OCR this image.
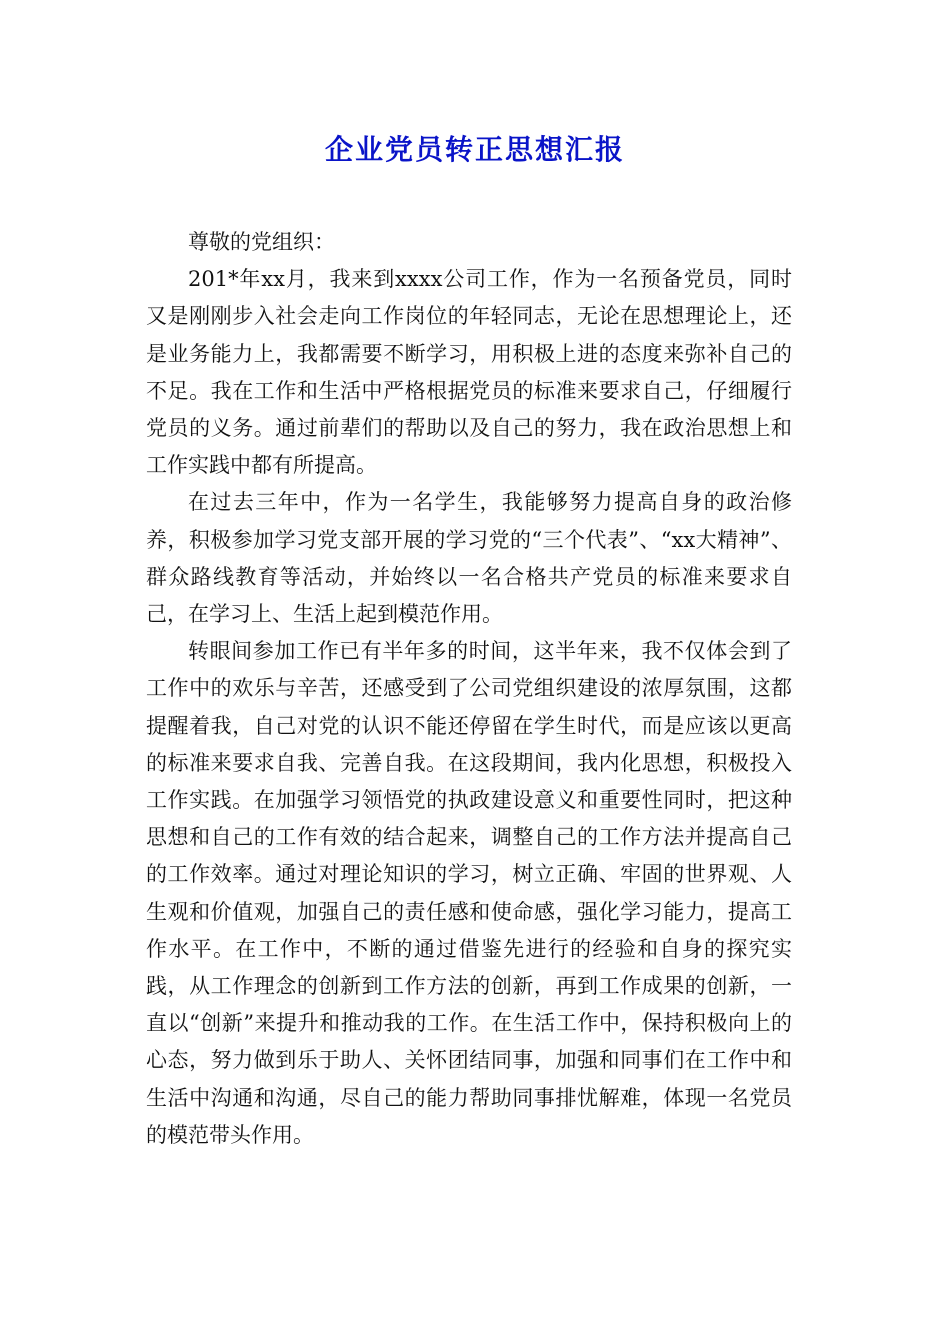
企业党员转正思想汇报

尊敬的党组织：

201*年xx月，我来到xxxx公司工作，作为一名预备党员，同时又是刚刚步入社会走向工作岗位的年轻同志，无论在思想理论上，还是业务能力上，我都需要不断学习，用积极上进的态度来弥补自己的不足。我在工作和生活中严格根据党员的标准来要求自己，仔细履行党员的义务。通过前辈们的帮助以及自己的努力，我在政治思想上和工作实践中都有所提高。

在过去三年中，作为一名学生，我能够努力提高自身的政治修养，积极参加学习党支部开展的学习党的“三个代表”、“xx大精神”、群众路线教育等活动，并始终以一名合格共产党员的标准来要求自己，在学习上、生活上起到模范作用。

转眼间参加工作已有半年多的时间，这半年来，我不仅体会到了工作中的欢乐与辛苦，还感受到了公司党组织建设的浓厚氛围，这都提醒着我，自己对党的认识不能还停留在学生时代，而是应该以更高的标准来要求自我、完善自我。在这段期间，我内化思想，积极投入工作实践。在加强学习领悟党的执政建设意义和重要性同时，把这种思想和自己的工作有效的结合起来，调整自己的工作方法并提高自己的工作效率。通过对理论知识的学习，树立正确、牢固的世界观、人生观和价值观，加强自己的责任感和使命感，强化学习能力，提高工作水平。在工作中，不断的通过借鉴先进行的经验和自身的探究实践，从工作理念的创新到工作方法的创新，再到工作成果的创新，一直以“创新”来提升和推动我的工作。在生活工作中，保持积极向上的心态，努力做到乐于助人、关怀团结同事，加强和同事们在工作中和生活中沟通和沟通，尽自己的能力帮助同事排忧解难，体现一名党员的模范带头作用。
